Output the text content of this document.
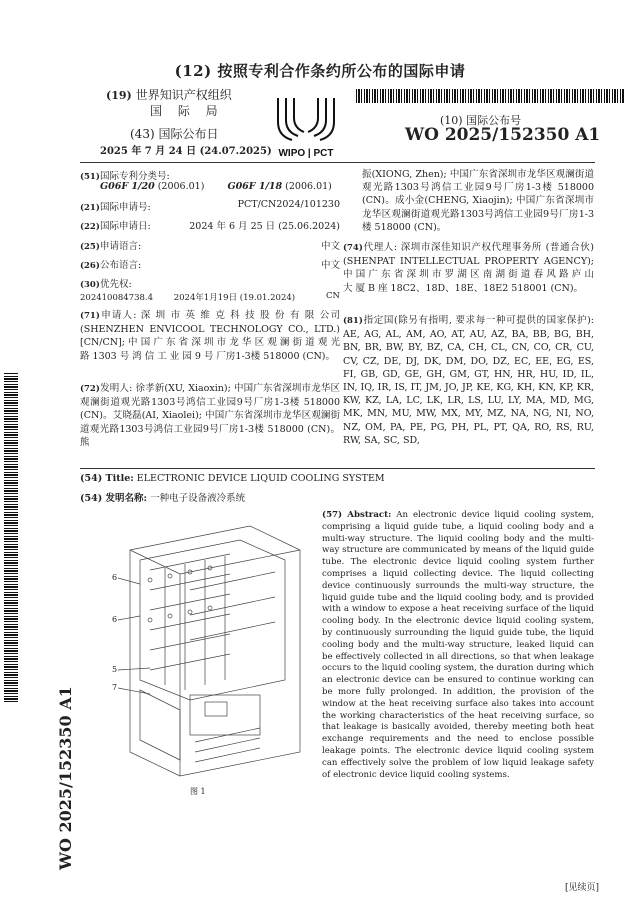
(12) 按照专利合作条约所公布的国际申请
(19) 世界知识产权组织
国 际 局
(43) 国际公布日
2025 年 7 月 24 日 (24.07.2025) WIPO | PCT
(10) 国际公布号
WO 2025/152350 A1
(51)国际专利分类号:
G06F 1/20 (2006.01) G06F 1/18 (2006.01)
(21)国际申请号:	PCT/CN2024/101230
(22)国际申请日:	2024 年 6 月 25 日 (25.06.2024)
(25)申请语言:	中文
(26)公布语言:	中文
(30)优先权:
202410084738.4 2024年1月19日 (19.01.2024)	CN
(71)申请人: 深 圳 市 英 维 克 科 技 股 份 有 限 公司(SHENZHEN ENVICOOL TECHNOLOGY CO., LTD.) [CN/CN]; 中 国 广 东 省 深 圳 市 龙 华 区 观 澜 街 道 观 光 路 1303 号 鸿 信 工 业 园 9 号 厂房1-3楼 518000 (CN)。
(72)发明人: 徐孝新(XU, Xiaoxin); 中国广东省深圳市龙华区观澜街道观光路1303号鸿信工业园9号厂房1-3楼 518000 (CN)。艾晓磊(AI, Xiaolei); 中国广东省深圳市龙华区观澜街道观光路1303号鸿信工业园9号厂房1-3楼 518000 (CN)。熊
振(XIONG, Zhen); 中国广东省深圳市龙华区观澜街道观光路1303号鸿信工业园9号厂房1-3楼 518000 (CN)。成小金(CHENG, Xiaojin); 中国广东省深圳市龙华区观澜街道观光路1303号鸿信工业园9号厂房1-3楼 518000 (CN)。
(74)代理人: 深圳市深佳知识产权代理事务所 (普通合伙) (SHENPAT INTELLECTUAL PROPERTY AGENCY); 中 国 广 东 省 深 圳 市 罗 湖 区 南 湖 街 道 春 风 路 庐 山 大 厦 B 座 18C2、18D、18E、18E2 518001 (CN)。
(81)指定国(除另有指明, 要求每一种可提供的国家保护): AE, AG, AL, AM, AO, AT, AU, AZ, BA, BB, BG, BH, BN, BR, BW, BY, BZ, CA, CH, CL, CN, CO, CR, CU, CV, CZ, DE, DJ, DK, DM, DO, DZ, EC, EE, EG, ES, FI, GB, GD, GE, GH, GM, GT, HN, HR, HU, ID, IL, IN, IQ, IR, IS, IT, JM, JO, JP, KE, KG, KH, KN, KP, KR, KW, KZ, LA, LC, LK, LR, LS, LU, LY, MA, MD, MG, MK, MN, MU, MW, MX, MY, MZ, NA, NG, NI, NO, NZ, OM, PA, PE, PG, PH, PL, PT, QA, RO, RS, RU, RW, SA, SC, SD,
(54) Title: ELECTRONIC DEVICE LIQUID COOLING SYSTEM
(54) 发明名称: 一种电子设备液冷系统
6
6
5
7
图 1
(57) Abstract: An electronic device liquid cooling system, comprising a liquid guide tube, a liquid cooling body and a multi-way structure. The liquid cooling body and the multi-way structure are communicated by means of the liquid guide tube. The electronic device liquid cooling system further comprises a liquid collecting device. The liquid collecting device continuously surrounds the multi-way structure, the liquid guide tube and the liquid cooling body, and is provided with a window to expose a heat receiving surface of the liquid cooling body. In the electronic device liquid cooling system, by continuously surrounding the liquid guide tube, the liquid cooling body and the multi-way structure, leaked liquid can be effectively collected in all directions, so that when leakage occurs to the liquid cooling system, the duration during which an electronic device can be ensured to continue working can be more fully prolonged. In addition, the provision of the window at the heat receiving surface also takes into account the working characteristics of the heat receiving surface, so that leakage is basically avoided, thereby meeting both heat exchange requirements and the need to enclose possible leakage points. The electronic device liquid cooling system can effectively solve the problem of low liquid leakage safety of electronic device liquid cooling systems.
WO 2025/152350 A1
[见续页]
